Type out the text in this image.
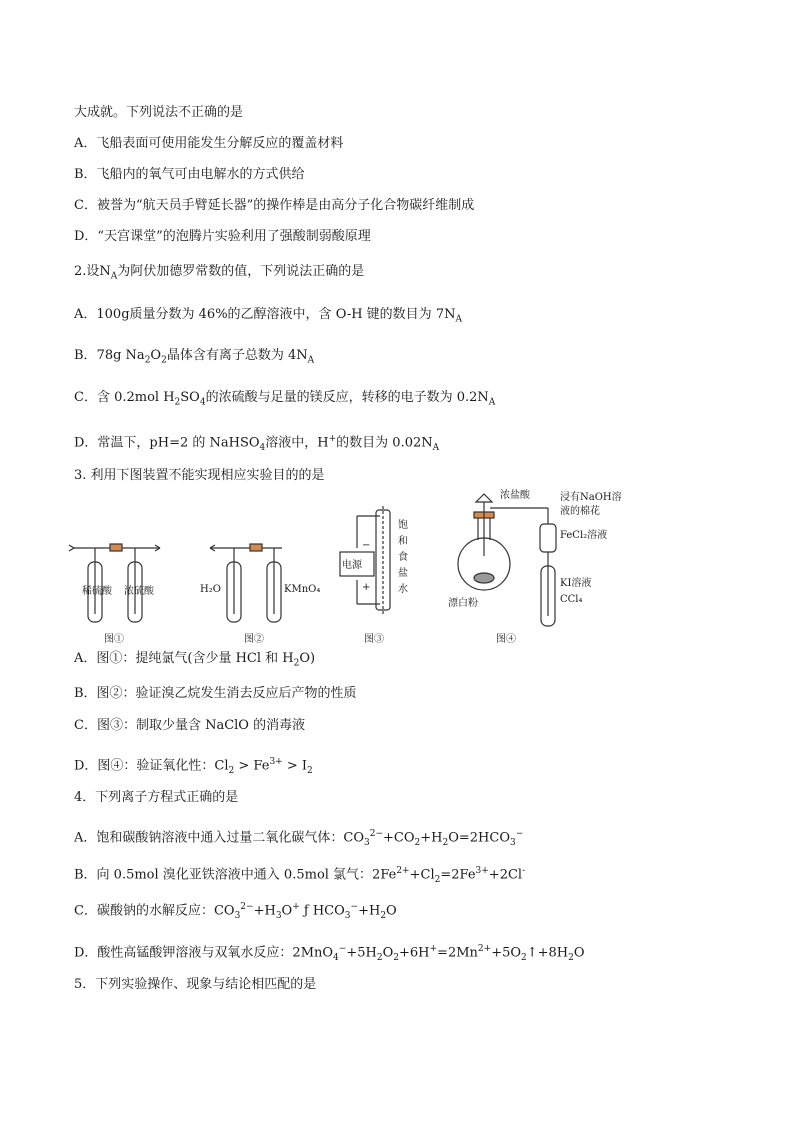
大成就。下列说法不正确的是
A．飞船表面可使用能发生分解反应的覆盖材料
B．飞船内的氧气可由电解水的方式供给
C．被誉为“航天员手臂延长器”的操作棒是由高分子化合物碳纤维制成
D．“天宫课堂”的泡腾片实验利用了强酸制弱酸原理
2.设$N_A$为阿伏加德罗常数的值，下列说法正确的是
A．100g质量分数为 46%的乙醇溶液中，含 O-H 键的数目为 $7N_A$
B．78g $Na_2O_2$晶体含有离子总数为 $4N_A$
C．含 0.2mol $H_2SO_4$的浓硫酸与足量的镁反应，转移的电子数为 $0.2N_A$
D．常温下，pH=2 的 NaHSO$_4$溶液中，H+的数目为 $0.02N_A$
3. 利用下图装置不能实现相应实验目的的是
稀硫酸 浓硫酸
图①
H₂O	KMnO₄
图②
电源
−
+
饱
和
食
盐
水
图③
浓盐酸	浸有NaOH溶
液的棉花
FeCl₂溶液
KI溶液
CCl₄
漂白粉
图④
A．图①：提纯氯气(含少量 HCl 和 $H_2O$)
B．图②：验证溴乙烷发生消去反应后产物的性质
C．图③：制取少量含 NaClO 的消毒液
D．图④：验证氧化性：$Cl_2 > Fe^{3+} > I_2$
4．下列离子方程式正确的是
A．饱和碳酸钠溶液中通入过量二氧化碳气体：$CO_3^{2-}+CO_2+H_2O=2HCO_3^-$
B．向 0.5mol 溴化亚铁溶液中通入 0.5mol 氯气：$2Fe^{2+}+Cl_2=2Fe^{3+}+2Cl^-$
C．碳酸钠的水解反应：$CO_3^{2-}+H_3O^+$ ƒ $HCO_3^-+H_2O$
D．酸性高锰酸钾溶液与双氧水反应：$2MnO_4^-+5H_2O_2+6H^+=2Mn^{2+}+5O_2↑+8H_2O$
5．下列实验操作、现象与结论相匹配的是
